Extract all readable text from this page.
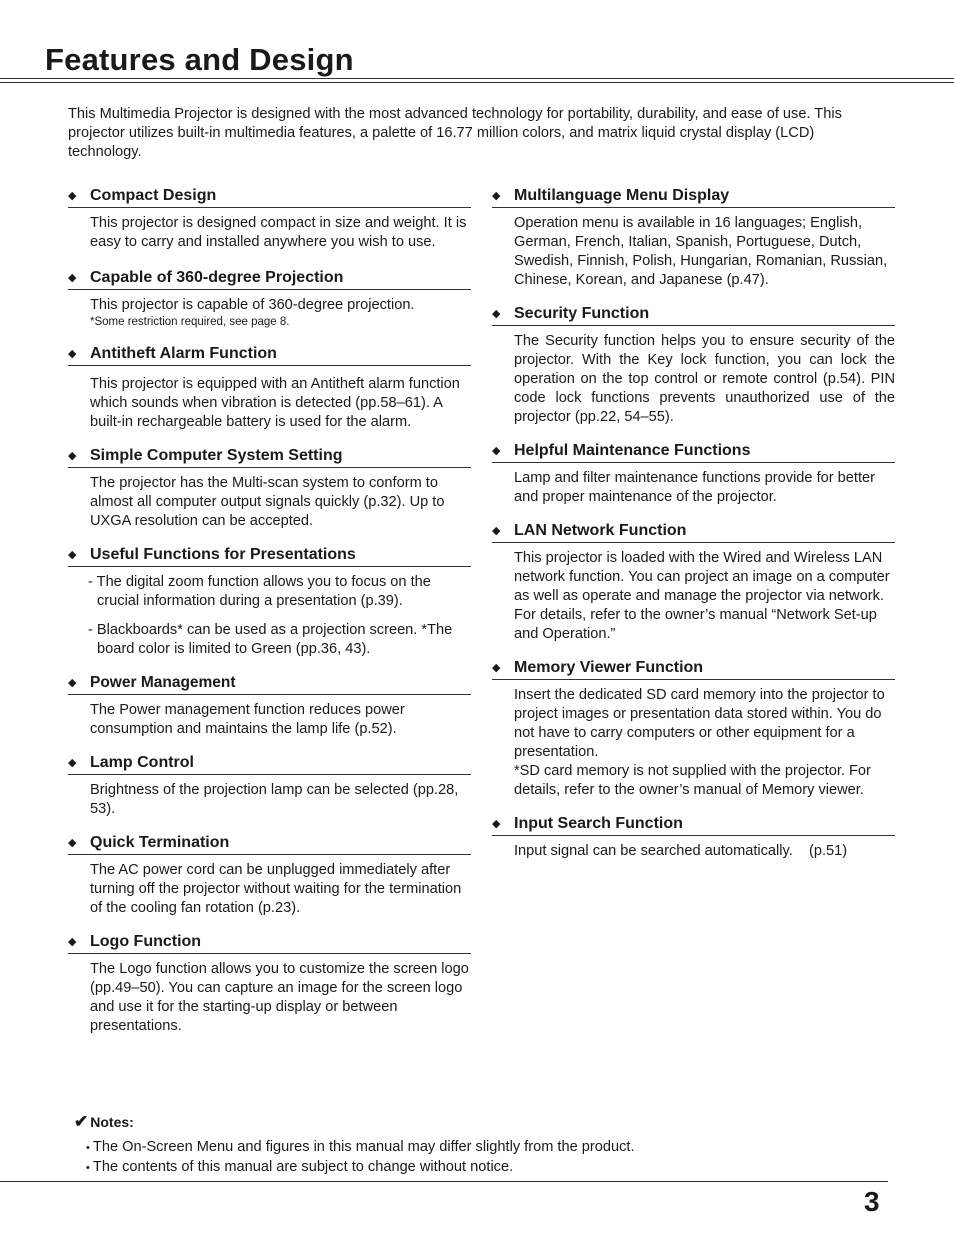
Features and Design

This Multimedia Projector is designed with the most advanced technology for portability, durability, and ease of use. This projector utilizes built-in multimedia features, a palette of 16.77 million colors, and matrix liquid crystal display (LCD) technology.

◆ Compact Design

This projector is designed compact in size and weight. It is easy to carry and installed anywhere you wish to use.

◆ Capable of 360-degree Projection

This projector is capable of 360-degree projection.

*Some restriction required, see page 8.

◆ Antitheft Alarm Function

This projector is equipped with an Antitheft alarm function which sounds when vibration is detected (pp.58–61). A built-in rechargeable battery is used for the alarm.

◆ Simple Computer System Setting

The projector has the Multi-scan system to conform to almost all computer output signals quickly (p.32). Up to UXGA resolution can be accepted.

◆ Useful Functions for Presentations

- The digital zoom function allows you to focus on the crucial information during a presentation (p.39).

- Blackboards* can be used as a projection screen. *The board color is limited to Green (pp.36, 43).

◆ Power Management

The Power management function reduces power consumption and maintains the lamp life (p.52).

◆ Lamp Control

Brightness of the projection lamp can be selected (pp.28, 53).

◆ Quick Termination

The AC power cord can be unplugged immediately after turning off the projector without waiting for the termination of the cooling fan rotation (p.23).

◆ Logo Function

The Logo function allows you to customize the screen logo (pp.49–50). You can capture an image for the screen logo and use it for the starting-up display or between presentations.

◆ Multilanguage Menu Display

Operation menu is available in 16 languages; English, German, French, Italian, Spanish, Portuguese, Dutch, Swedish, Finnish, Polish, Hungarian, Romanian, Russian, Chinese, Korean, and Japanese (p.47).

◆ Security Function

The Security function helps you to ensure security of the projector. With the Key lock function, you can lock the operation on the top control or remote control (p.54). PIN code lock functions prevents unauthorized use of the projector (pp.22, 54–55).

◆ Helpful Maintenance Functions

Lamp and filter maintenance functions provide for better and proper maintenance of the projector.

◆ LAN Network Function

This projector is loaded with the Wired and Wireless LAN network function. You can project an image on a computer as well as operate and manage the projector via network. For details, refer to the owner’s manual “Network Set-up and Operation.”

◆ Memory Viewer Function

Insert the dedicated SD card memory into the projector to project images or presentation data stored within. You do not have to carry computers or other equipment for a presentation.

*SD card memory is not supplied with the projector. For details, refer to the owner’s manual of Memory viewer.

◆ Input Search Function

Input signal can be searched automatically.    (p.51)

✔ Notes:
• The On-Screen Menu and figures in this manual may differ slightly from the product.
• The contents of this manual are subject to change without notice.
3
